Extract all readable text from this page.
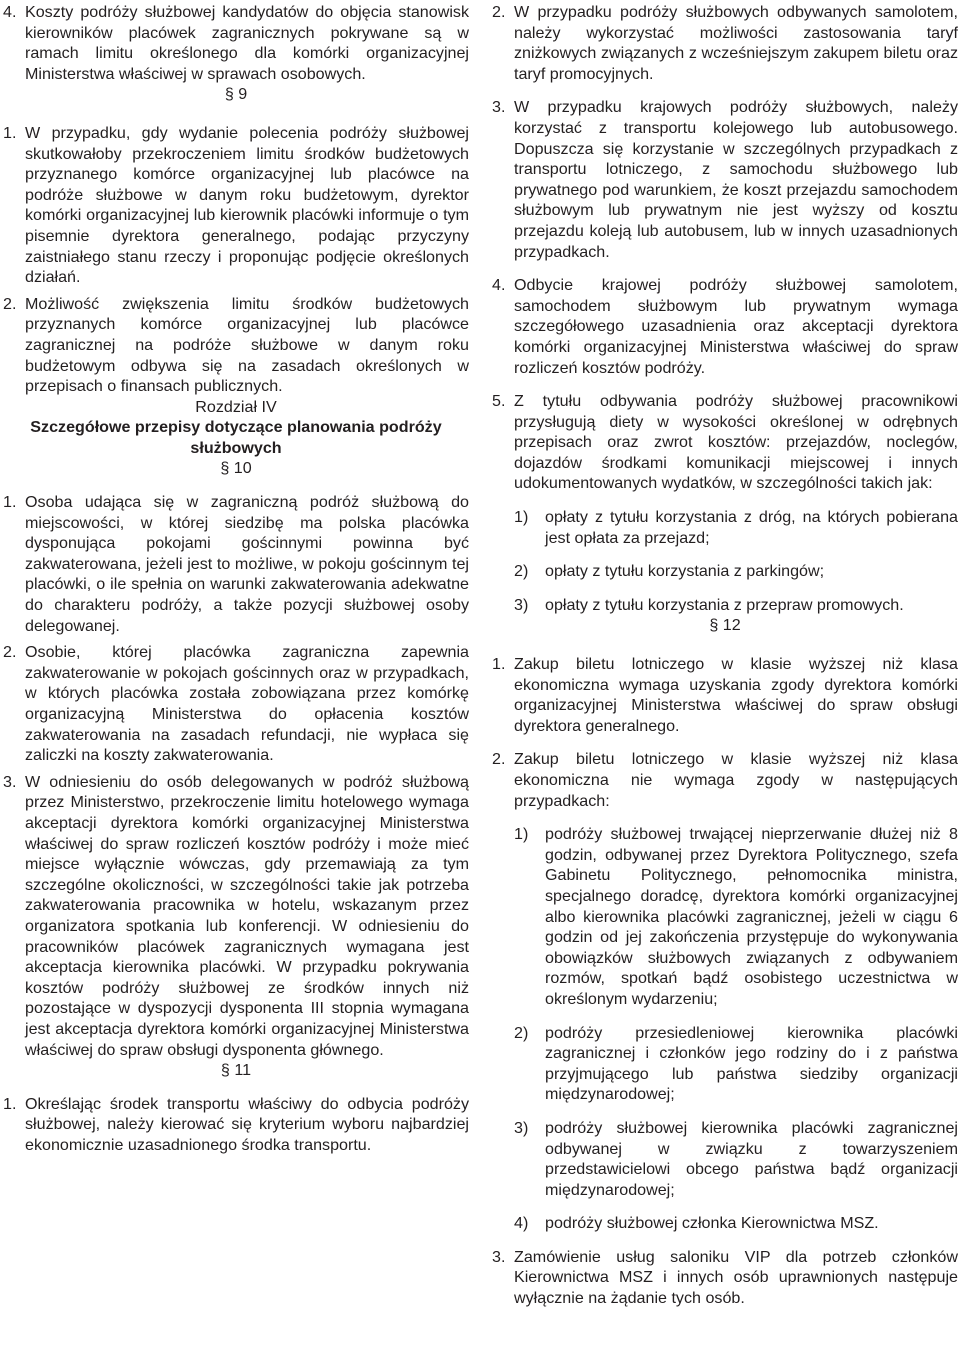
4. Koszty podróży służbowej kandydatów do objęcia stanowisk kierowników placówek zagranicznych pokrywane są w ramach limitu określonego dla komórki organizacyjnej Ministerstwa właściwej w sprawach osobowych.

§ 9

1. W przypadku, gdy wydanie polecenia podróży służbowej skutkowałoby przekroczeniem limitu środków budżetowych przyznanego komórce organizacyjnej lub placówce na podróże służbowe w danym roku budżetowym, dyrektor komórki organizacyjnej lub kierownik placówki informuje o tym pisemnie dyrektora generalnego, podając przyczyny zaistniałego stanu rzeczy i proponując podjęcie określonych działań.
2. Możliwość zwiększenia limitu środków budżetowych przyznanych komórce organizacyjnej lub placówce zagranicznej na podróże służbowe w danym roku budżetowym odbywa się na zasadach określonych w przepisach o finansach publicznych.

Rozdział IV

Szczegółowe przepisy dotyczące planowania podróży służbowych

§ 10

1. Osoba udająca się w zagraniczną podróż służbową do miejscowości, w której siedzibę ma polska placówka dysponująca pokojami gościnnymi powinna być zakwaterowana, jeżeli jest to możliwe, w pokoju gościnnym tej placówki, o ile spełnia on warunki zakwaterowania adekwatne do charakteru podróży, a także pozycji służbowej osoby delegowanej.
2. Osobie, której placówka zagraniczna zapewnia zakwaterowanie w pokojach gościnnych oraz w przypadkach, w których placówka została zobowiązana przez komórkę organizacyjną Ministerstwa do opłacenia kosztów zakwaterowania na zasadach refundacji, nie wypłaca się zaliczki na koszty zakwaterowania.
3. W odniesieniu do osób delegowanych w podróż służbową przez Ministerstwo, przekroczenie limitu hotelowego wymaga akceptacji dyrektora komórki organizacyjnej Ministerstwa właściwej do spraw rozliczeń kosztów podróży i może mieć miejsce wyłącznie wówczas, gdy przemawiają za tym szczególne okoliczności, w szczególności takie jak potrzeba zakwaterowania pracownika w hotelu, wskazanym przez organizatora spotkania lub konferencji. W odniesieniu do pracowników placówek zagranicznych wymagana jest akceptacja kierownika placówki. W przypadku pokrywania kosztów podróży służbowej ze środków innych niż pozostające w dyspozycji dysponenta III stopnia wymagana jest akceptacja dyrektora komórki organizacyjnej Ministerstwa właściwej do spraw obsługi dysponenta głównego.

§ 11

1. Określając środek transportu właściwy do odbycia podróży służbowej, należy kierować się kryterium wyboru najbardziej ekonomicznie uzasadnionego środka transportu.
2. W przypadku podróży służbowych odbywanych samolotem, należy wykorzystać możliwości zastosowania taryf zniżkowych związanych z wcześniejszym zakupem biletu oraz taryf promocyjnych.
3. W przypadku krajowych podróży służbowych, należy korzystać z transportu kolejowego lub autobusowego. Dopuszcza się korzystanie w szczególnych przypadkach z transportu lotniczego, z samochodu służbowego lub prywatnego pod warunkiem, że koszt przejazdu samochodem służbowym lub prywatnym nie jest wyższy od kosztu przejazdu koleją lub autobusem, lub w innych uzasadnionych przypadkach.
4. Odbycie krajowej podróży służbowej samolotem, samochodem służbowym lub prywatnym wymaga szczegółowego uzasadnienia oraz akceptacji dyrektora komórki organizacyjnej Ministerstwa właściwej do spraw rozliczeń kosztów podróży.
5. Z tytułu odbywania podróży służbowej pracownikowi przysługują diety w wysokości określonej w odrębnych przepisach oraz zwrot kosztów: przejazdów, noclegów, dojazdów środkami komunikacji miejscowej i innych udokumentowanych wydatków, w szczególności takich jak:
1)	opłaty z tytułu korzystania z dróg, na których pobierana jest opłata za przejazd;
2)	opłaty z tytułu korzystania z parkingów;
3)	opłaty z tytułu korzystania z przepraw promowych.

§ 12

1. Zakup biletu lotniczego w klasie wyższej niż klasa ekonomiczna wymaga uzyskania zgody dyrektora komórki organizacyjnej Ministerstwa właściwej do spraw obsługi dyrektora generalnego.
2. Zakup biletu lotniczego w klasie wyższej niż klasa ekonomiczna nie wymaga zgody w następujących przypadkach:
1)	podróży służbowej trwającej nieprzerwanie dłużej niż 8 godzin, odbywanej przez Dyrektora Politycznego, szefa Gabinetu Politycznego, pełnomocnika ministra, specjalnego doradcę, dyrektora komórki organizacyjnej albo kierownika placówki zagranicznej, jeżeli w ciągu 6 godzin od jej zakończenia przystępuje do wykonywania obowiązków służbowych związanych z odbywaniem rozmów, spotkań bądź osobistego uczestnictwa w określonym wydarzeniu;
2)	podróży przesiedleniowej kierownika placówki zagranicznej i członków jego rodziny do i z państwa przyjmującego lub państwa siedziby organizacji międzynarodowej;
3)	podróży służbowej kierownika placówki zagranicznej odbywanej w związku z towarzyszeniem przedstawicielowi obcego państwa bądź organizacji międzynarodowej;
4)	podróży służbowej członka Kierownictwa MSZ.
3. Zamówienie usług saloniku VIP dla potrzeb członków Kierownictwa MSZ i innych osób uprawnionych następuje wyłącznie na żądanie tych osób.
